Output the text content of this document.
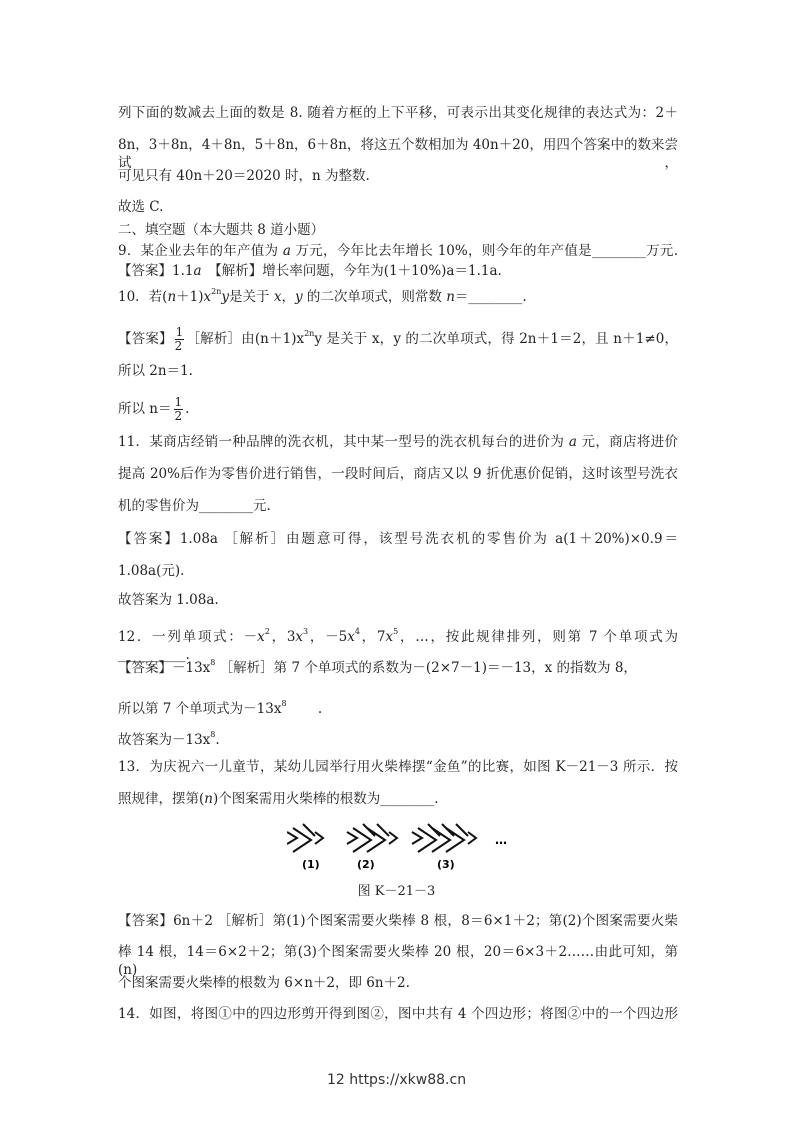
列下面的数减去上面的数是 8. 随着方框的上下平移，可表示出其变化规律的表达式为：2＋
8n，3＋8n，4＋8n，5＋8n，6＋8n，将这五个数相加为 40n＋20，用四个答案中的数来尝试，
可见只有 40n＋20＝2020 时，n 为整数.
故选 C.
二、填空题（本大题共 8 道小题）
9．某企业去年的年产值为 a 万元，今年比去年增长 10%，则今年的年产值是________万元.
【答案】1.1a　【解析】增长率问题，今年为(1＋10%)a＝1.1a.
10．若$(n+1)x^{2n}y$是关于 x，y 的二次单项式，则常数 n＝________.
【答案】 $\frac{1}{2}$ ［解析］由$(n+1)x^{2n}y$ 是关于 x，y 的二次单项式，得 2n＋1＝2，且 n＋1≠0，
所以 2n＝1.
所以 $n= \frac{1}{2}$ .
11．某商店经销一种品牌的洗衣机，其中某一型号的洗衣机每台的进价为 a 元，商店将进价
提高 20%后作为零售价进行销售，一段时间后，商店又以 9 折优惠价促销，这时该型号洗衣
机的零售价为________元.
【答案】1.08a ［解析］由题意可得，该型号洗衣机的零售价为 a(1＋20%)×0.9＝
1.08a(元).
故答案为 1.08a.
12．一列单项式：$-x^2$，$3x^3$，$-5x^4$，$7x^5$，…，按此规律排列，则第 7 个单项式为__________.
【答案】$-13x^8$ ［解析］第 7 个单项式的系数为－(2×7－1)＝－13，x 的指数为 8，
所以第 7 个单项式为$-13x^8$　　 .
故答案为$-13x^8$.
13．为庆祝六一儿童节，某幼儿园举行用火柴棒摆“金鱼”的比赛，如图 K－21－3 所示．按
照规律，摆第(n)个图案需用火柴棒的根数为________.
【答案】6n＋2 ［解析］第(1)个图案需要火柴棒 8 根，8＝6×1＋2；第(2)个图案需要火柴
棒 14 根，14＝6×2＋2；第(3)个图案需要火柴棒 20 根，20＝6×3＋2……由此可知，第(n)
个图案需要火柴棒的根数为 6×n＋2，即 6n＋2.
14．如图，将图①中的四边形剪开得到图②，图中共有 4 个四边形；将图②中的一个四边形
(1)	(2)	(3)
…
图 K－21－3
12 https://xkw88.cn
